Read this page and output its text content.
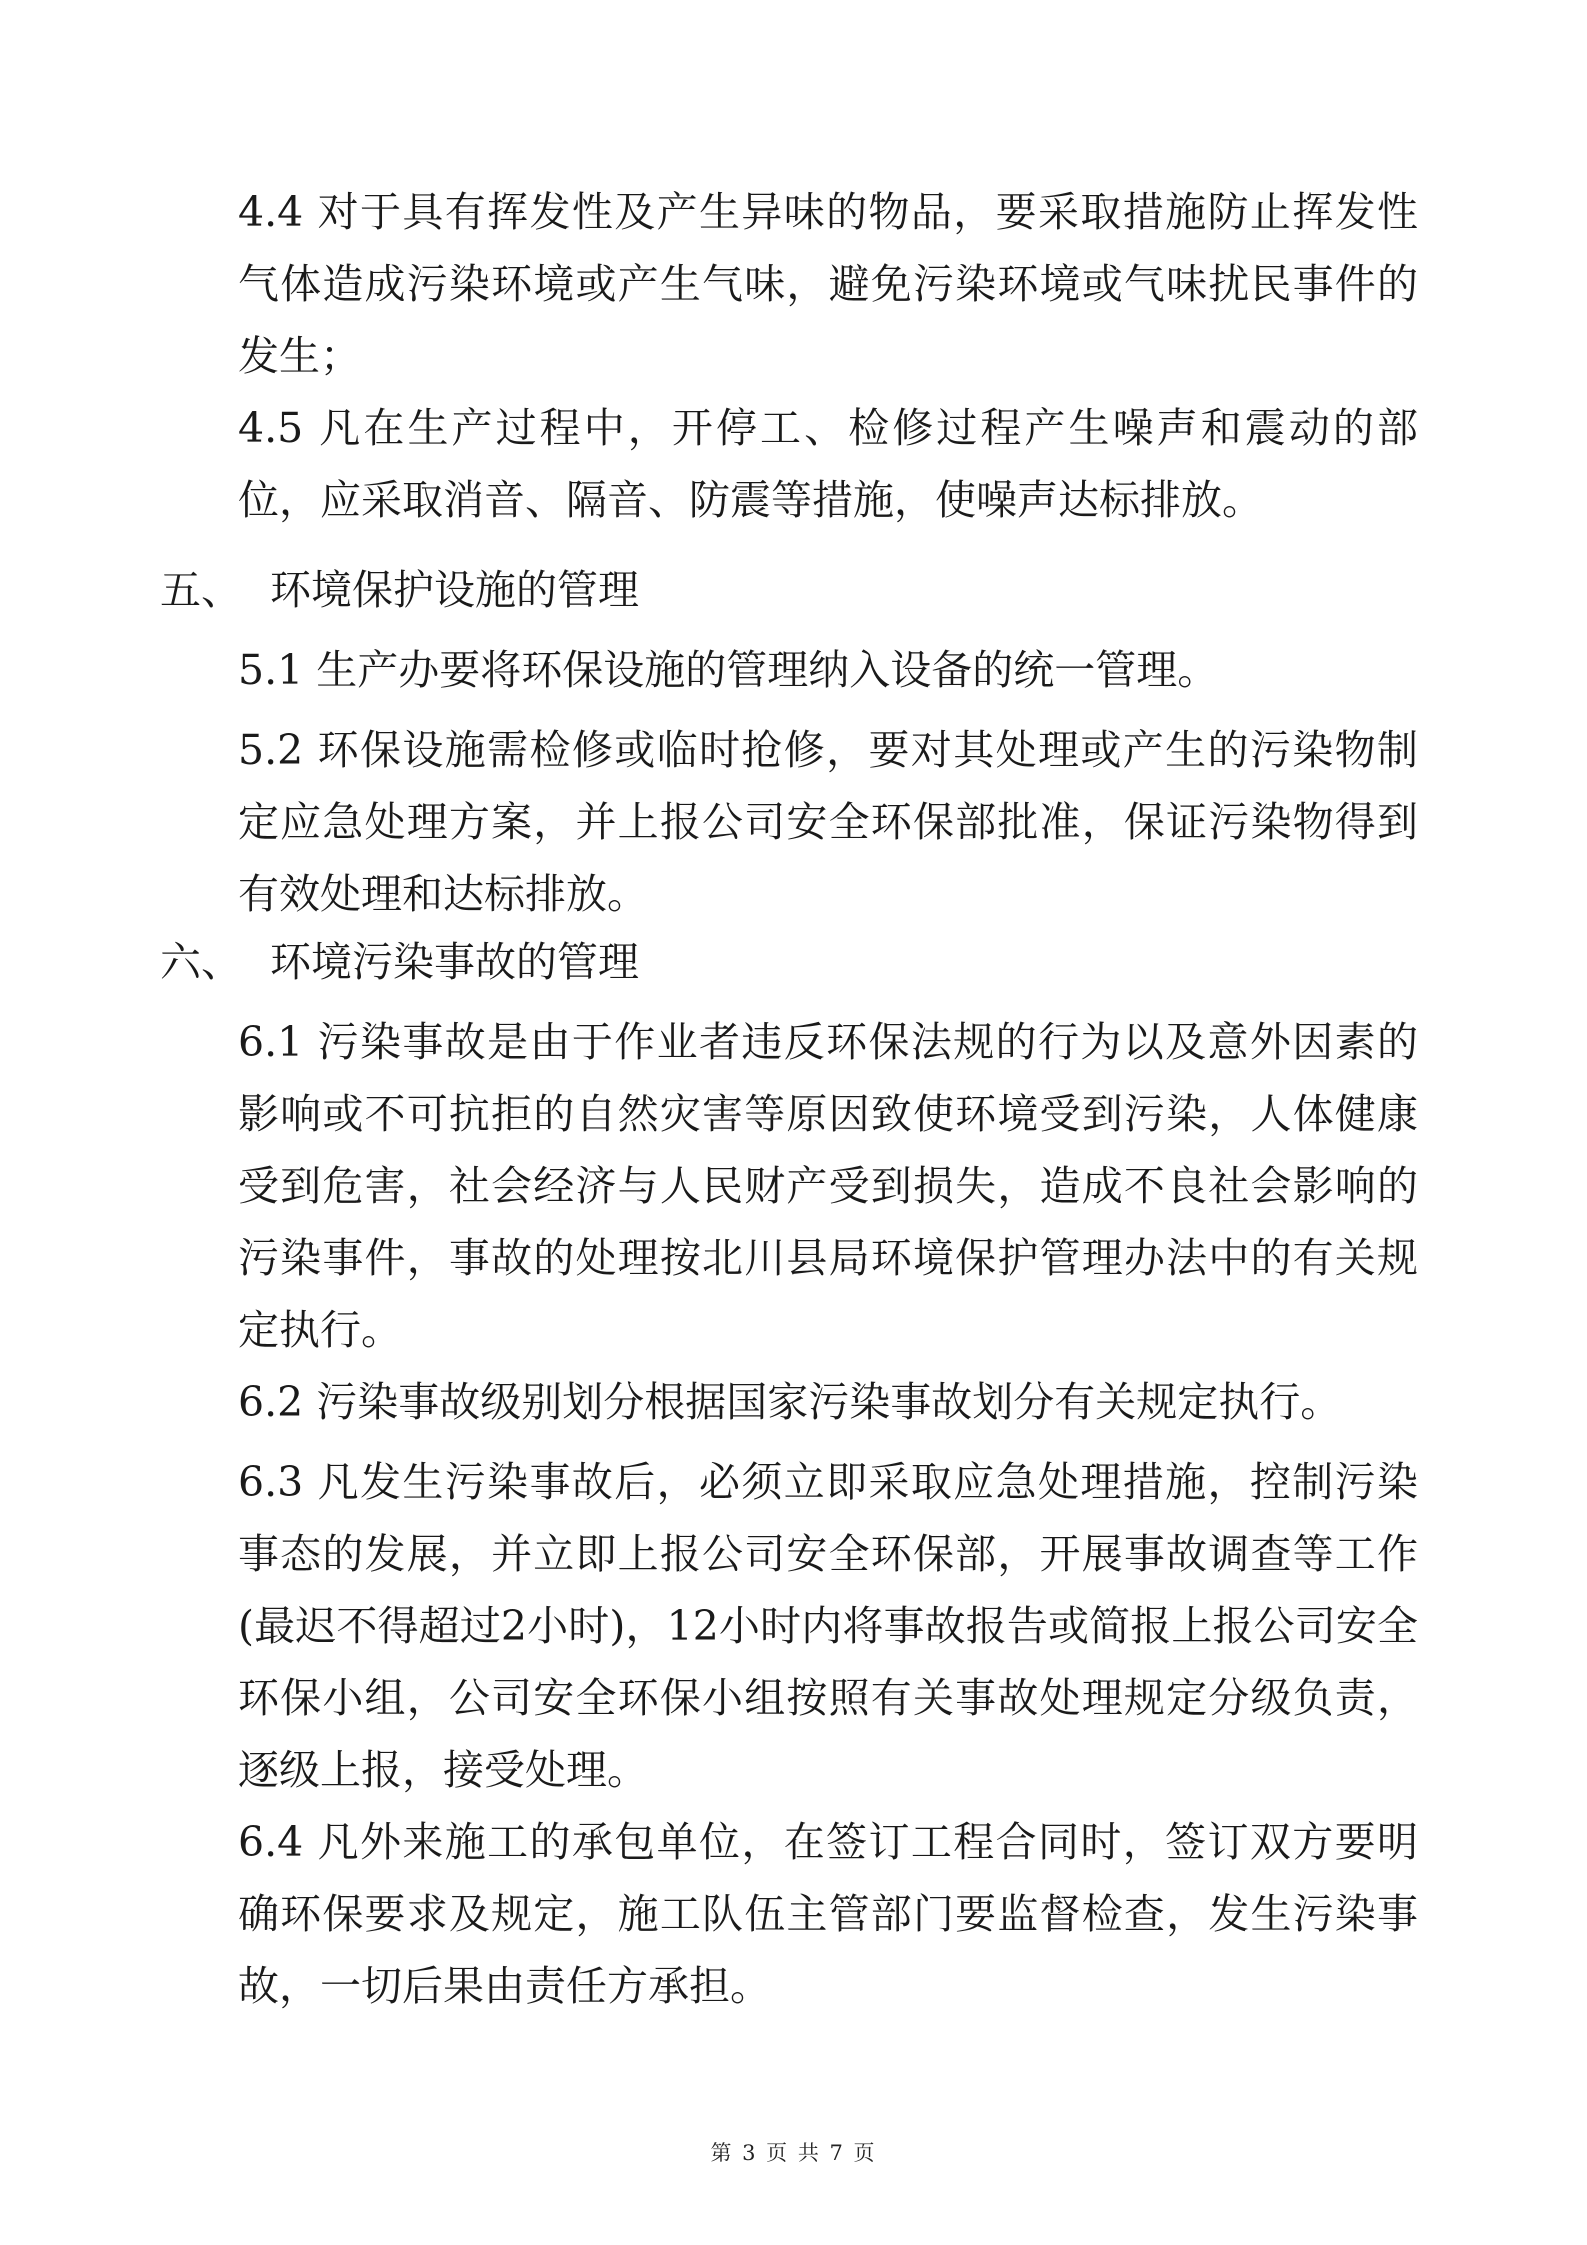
4.4 对于具有挥发性及产生异味的物品，要采取措施防止挥发性气体造成污染环境或产生气味，避免污染环境或气味扰民事件的发生；

4.5 凡在生产过程中，开停工、检修过程产生噪声和震动的部位，应采取消音、隔音、防震等措施，使噪声达标排放。

五、 环境保护设施的管理

5.1 生产办要将环保设施的管理纳入设备的统一管理。

5.2 环保设施需检修或临时抢修，要对其处理或产生的污染物制定应急处理方案，并上报公司安全环保部批准，保证污染物得到有效处理和达标排放。

六、 环境污染事故的管理

6.1 污染事故是由于作业者违反环保法规的行为以及意外因素的影响或不可抗拒的自然灾害等原因致使环境受到污染，人体健康受到危害，社会经济与人民财产受到损失，造成不良社会影响的污染事件，事故的处理按北川县局环境保护管理办法中的有关规定执行。

6.2 污染事故级别划分根据国家污染事故划分有关规定执行。

6.3 凡发生污染事故后，必须立即采取应急处理措施，控制污染事态的发展，并立即上报公司安全环保部，开展事故调查等工作(最迟不得超过2小时)，12小时内将事故报告或简报上报公司安全环保小组，公司安全环保小组按照有关事故处理规定分级负责，逐级上报，接受处理。

6.4 凡外来施工的承包单位，在签订工程合同时，签订双方要明确环保要求及规定，施工队伍主管部门要监督检查，发生污染事故，一切后果由责任方承担。

第 3 页 共 7 页
